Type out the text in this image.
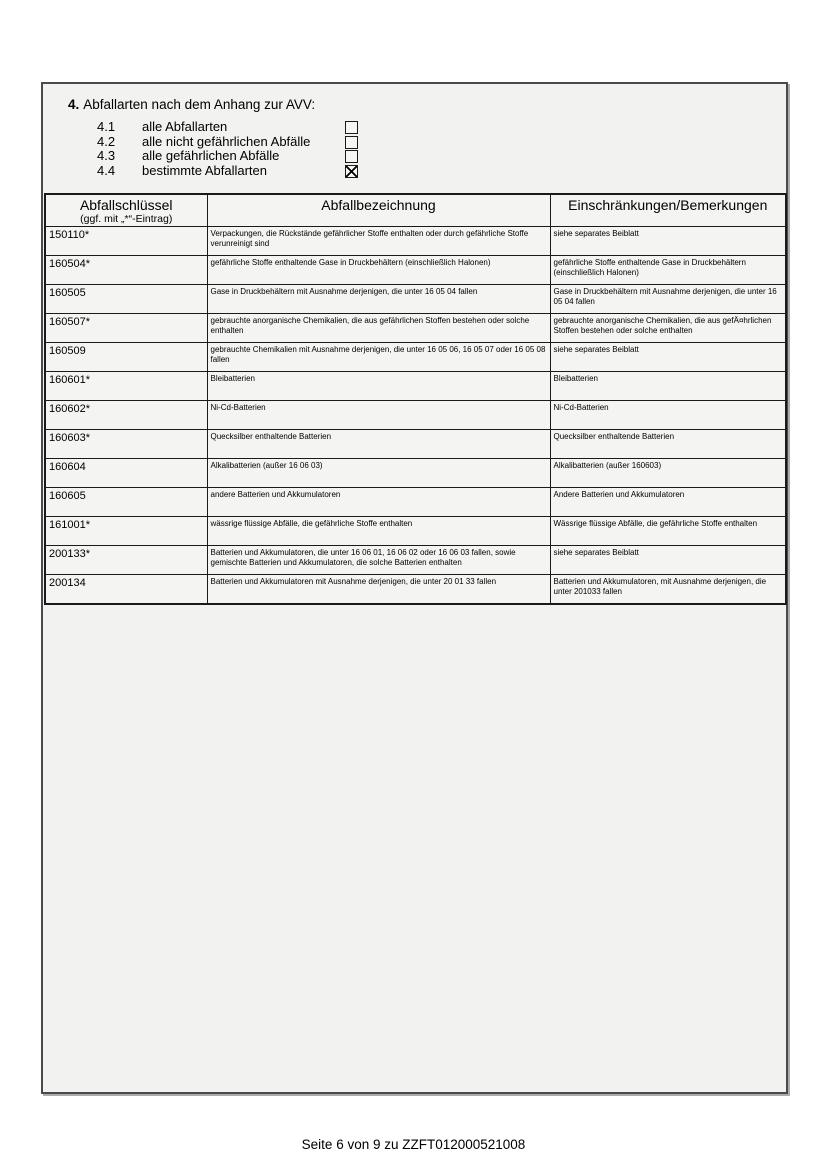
4. Abfallarten nach dem Anhang zur AVV:
4.1	alle Abfallarten
4.2	alle nicht gefährlichen Abfälle
4.3	alle gefährlichen Abfälle
4.4	bestimmte Abfallarten
Abfallschlüssel
(ggf. mit „*“-Eintrag)	Abfallbezeichnung	Einschränkungen/Bemerkungen
150110*	Verpackungen, die Rückstände gefährlicher Stoffe enthalten oder durch gefährliche Stoffe verunreinigt sind	siehe separates Beiblatt
160504*	gefährliche Stoffe enthaltende Gase in Druckbehältern (einschließlich Halonen)	gefährliche Stoffe enthaltende Gase in Druckbehältern (einschließlich Halonen)
160505	Gase in Druckbehältern mit Ausnahme derjenigen, die unter 16 05 04 fallen	Gase in Druckbehältern mit Ausnahme derjenigen, die unter 16 05 04 fallen
160507*	gebrauchte anorganische Chemikalien, die aus gefährlichen Stoffen bestehen oder solche enthalten	gebrauchte anorganische Chemikalien, die aus gefÄ¤hrlichen Stoffen bestehen oder solche enthalten
160509	gebrauchte Chemikalien mit Ausnahme derjenigen, die unter 16 05 06, 16 05 07 oder 16 05 08 fallen	siehe separates Beiblatt
160601*	Bleibatterien	Bleibatterien
160602*	Ni-Cd-Batterien	Ni-Cd-Batterien
160603*	Quecksilber enthaltende Batterien	Quecksilber enthaltende Batterien
160604	Alkalibatterien (außer 16 06 03)	Alkalibatterien (außer 160603)
160605	andere Batterien und Akkumulatoren	Andere Batterien und Akkumulatoren
161001*	wässrige flüssige Abfälle, die gefährliche Stoffe enthalten	Wässrige flüssige Abfälle, die gefährliche Stoffe enthalten
200133*	Batterien und Akkumulatoren, die unter 16 06 01, 16 06 02 oder 16 06 03 fallen, sowie gemischte Batterien und Akkumulatoren, die solche Batterien enthalten	siehe separates Beiblatt
200134	Batterien und Akkumulatoren mit Ausnahme derjenigen, die unter 20 01 33 fallen	Batterien und Akkumulatoren, mit Ausnahme derjenigen, die unter 201033 fallen
Seite 6 von 9 zu ZZFT012000521008
